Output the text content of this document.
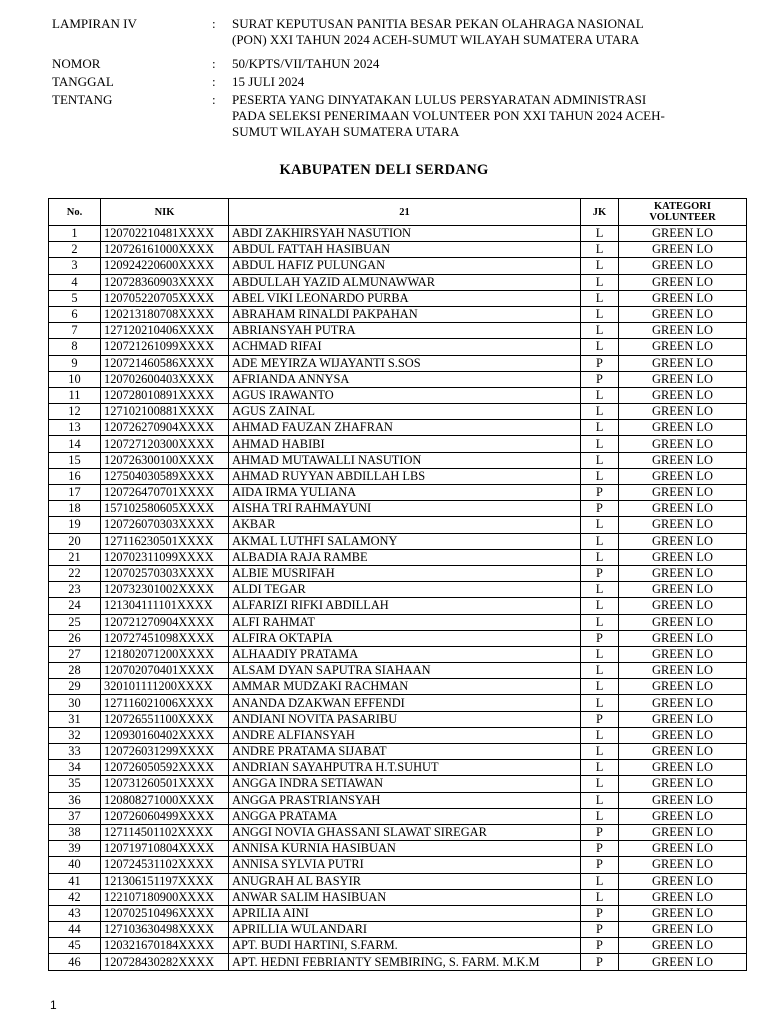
LAMPIRAN IV	: SURAT KEPUTUSAN PANITIA BESAR PEKAN OLAHRAGA NASIONAL
(PON) XXI TAHUN 2024 ACEH-SUMUT WILAYAH SUMATERA UTARA
NOMOR	: 50/KPTS/VII/TAHUN 2024
TANGGAL	: 15 JULI 2024
TENTANG	: PESERTA YANG DINYATAKAN LULUS PERSYARATAN ADMINISTRASI
PADA SELEKSI PENERIMAAN VOLUNTEER PON XXI TAHUN 2024 ACEH-
SUMUT WILAYAH SUMATERA UTARA
KABUPATEN DELI SERDANG
No.	NIK	21	JK	KATEGORI VOLUNTEER
1	120702210481XXXX	ABDI ZAKHIRSYAH NASUTION	L	GREEN LO
2	120726161000XXXX	ABDUL FATTAH HASIBUAN	L	GREEN LO
3	120924220600XXXX	ABDUL HAFIZ PULUNGAN	L	GREEN LO
4	120728360903XXXX	ABDULLAH YAZID ALMUNAWWAR	L	GREEN LO
5	120705220705XXXX	ABEL VIKI LEONARDO PURBA	L	GREEN LO
6	120213180708XXXX	ABRAHAM RINALDI PAKPAHAN	L	GREEN LO
7	127120210406XXXX	ABRIANSYAH PUTRA	L	GREEN LO
8	120721261099XXXX	ACHMAD RIFAI	L	GREEN LO
9	120721460586XXXX	ADE MEYIRZA WIJAYANTI S.SOS	P	GREEN LO
10	120702600403XXXX	AFRIANDA ANNYSA	P	GREEN LO
11	120728010891XXXX	AGUS IRAWANTO	L	GREEN LO
12	127102100881XXXX	AGUS ZAINAL	L	GREEN LO
13	120726270904XXXX	AHMAD FAUZAN ZHAFRAN	L	GREEN LO
14	120727120300XXXX	AHMAD HABIBI	L	GREEN LO
15	120726300100XXXX	AHMAD MUTAWALLI NASUTION	L	GREEN LO
16	127504030589XXXX	AHMAD RUYYAN ABDILLAH LBS	L	GREEN LO
17	120726470701XXXX	AIDA IRMA YULIANA	P	GREEN LO
18	157102580605XXXX	AISHA TRI RAHMAYUNI	P	GREEN LO
19	120726070303XXXX	AKBAR	L	GREEN LO
20	127116230501XXXX	AKMAL LUTHFI SALAMONY	L	GREEN LO
21	120702311099XXXX	ALBADIA RAJA RAMBE	L	GREEN LO
22	120702570303XXXX	ALBIE MUSRIFAH	P	GREEN LO
23	120732301002XXXX	ALDI TEGAR	L	GREEN LO
24	121304111101XXXX	ALFARIZI RIFKI ABDILLAH	L	GREEN LO
25	120721270904XXXX	ALFI RAHMAT	L	GREEN LO
26	120727451098XXXX	ALFIRA OKTAPIA	P	GREEN LO
27	121802071200XXXX	ALHAADIY PRATAMA	L	GREEN LO
28	120702070401XXXX	ALSAM DYAN SAPUTRA SIAHAAN	L	GREEN LO
29	320101111200XXXX	AMMAR MUDZAKI RACHMAN	L	GREEN LO
30	127116021006XXXX	ANANDA DZAKWAN EFFENDI	L	GREEN LO
31	120726551100XXXX	ANDIANI NOVITA PASARIBU	P	GREEN LO
32	120930160402XXXX	ANDRE ALFIANSYAH	L	GREEN LO
33	120726031299XXXX	ANDRE PRATAMA SIJABAT	L	GREEN LO
34	120726050592XXXX	ANDRIAN SAYAHPUTRA H.T.SUHUT	L	GREEN LO
35	120731260501XXXX	ANGGA INDRA SETIAWAN	L	GREEN LO
36	120808271000XXXX	ANGGA PRASTRIANSYAH	L	GREEN LO
37	120726060499XXXX	ANGGA PRATAMA	L	GREEN LO
38	127114501102XXXX	ANGGI NOVIA GHASSANI SLAWAT SIREGAR	P	GREEN LO
39	120719710804XXXX	ANNISA KURNIA HASIBUAN	P	GREEN LO
40	120724531102XXXX	ANNISA SYLVIA PUTRI	P	GREEN LO
41	121306151197XXXX	ANUGRAH AL BASYIR	L	GREEN LO
42	122107180900XXXX	ANWAR SALIM HASIBUAN	L	GREEN LO
43	120702510496XXXX	APRILIA AINI	P	GREEN LO
44	127103630498XXXX	APRILLIA WULANDARI	P	GREEN LO
45	120321670184XXXX	APT. BUDI HARTINI, S.FARM.	P	GREEN LO
46	120728430282XXXX	APT. HEDNI FEBRIANTY SEMBIRING, S. FARM. M.K.M	P	GREEN LO
1
